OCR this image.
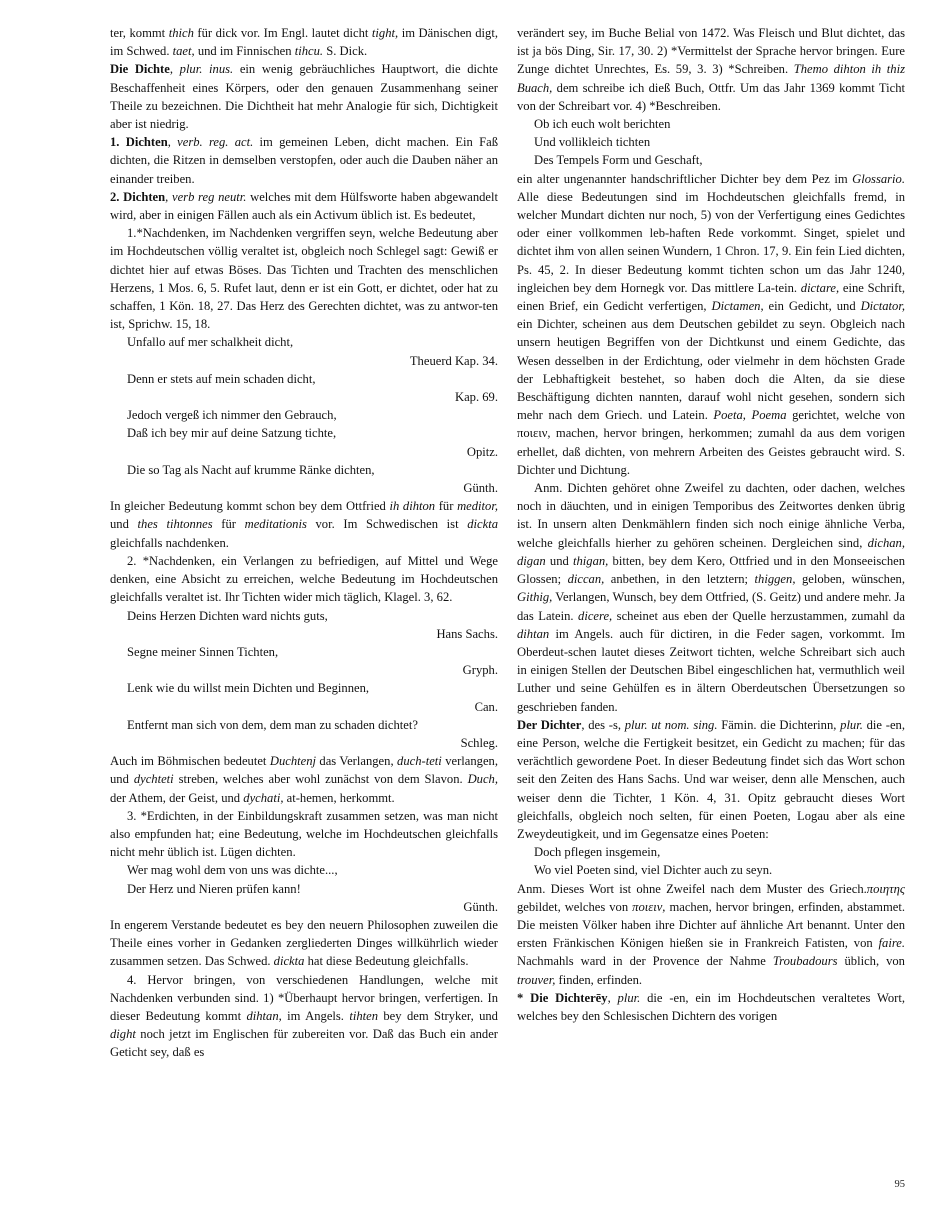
ter, kommt thich für dick vor. Im Engl. lautet dicht tight, im Dänischen digt, im Schwed. taet, und im Finnischen tihcu. S. Dick.

Die Dichte, plur. inus. ein wenig gebräuchliches Hauptwort, die dichte Beschaffenheit eines Körpers, oder den genauen Zusammenhang seiner Theile zu bezeichnen. Die Dichtheit hat mehr Analogie für sich, Dichtigkeit aber ist niedrig.

1. Dichten, verb. reg. act. im gemeinen Leben, dicht machen. Ein Faß dichten, die Ritzen in demselben verstopfen, oder auch die Dauben näher an einander treiben.

2. Dichten, verb reg neutr. welches mit dem Hülfsworte haben abgewandelt wird, aber in einigen Fällen auch als ein Activum üblich ist. Es bedeutet,

1.*Nachdenken, im Nachdenken vergriffen seyn, welche Bedeutung aber im Hochdeutschen völlig veraltet ist, obgleich noch Schlegel sagt: Gewiß er dichtet hier auf etwas Böses. Das Tichten und Trachten des menschlichen Herzens, 1 Mos. 6, 5. Rufet laut, denn er ist ein Gott, er dichtet, oder hat zu schaffen, 1 Kön. 18, 27. Das Herz des Gerechten dichtet, was zu antwor-ten ist, Sprichw. 15, 18.

Unfallo auf mer schalkheit dicht,

Theuerd Kap. 34.

Denn er stets auf mein schaden dicht,

Kap. 69.

Jedoch vergeß ich nimmer den Gebrauch,

Daß ich bey mir auf deine Satzung tichte,

Opitz.

Die so Tag als Nacht auf krumme Ränke dichten,

Günth.

In gleicher Bedeutung kommt schon bey dem Ottfried ih dihton für meditor, und thes tihtonnes für meditationis vor. Im Schwedischen ist dickta gleichfalls nachdenken.

2. *Nachdenken, ein Verlangen zu befriedigen, auf Mittel und Wege denken, eine Absicht zu erreichen, welche Bedeutung im Hochdeutschen gleichfalls veraltet ist. Ihr Tichten wider mich täglich, Klagel. 3, 62.

Deins Herzen Dichten ward nichts guts,

Hans Sachs.

Segne meiner Sinnen Tichten,

Gryph.

Lenk wie du willst mein Dichten und Beginnen,

Can.

Entfernt man sich von dem, dem man zu schaden dichtet?

Schleg.

Auch im Böhmischen bedeutet Duchtenj das Verlangen, duch-teti verlangen, und dychteti streben, welches aber wohl zunächst von dem Slavon. Duch, der Athem, der Geist, und dychati, at-hemen, herkommt.

3. *Erdichten, in der Einbildungskraft zusammen setzen, was man nicht also empfunden hat; eine Bedeutung, welche im Hochdeutschen gleichfalls nicht mehr üblich ist. Lügen dichten.

Wer mag wohl dem von uns was dichte...,

Der Herz und Nieren prüfen kann!

Günth.

In engerem Verstande bedeutet es bey den neuern Philosophen zuweilen die Theile eines vorher in Gedanken zergliederten Dinges willkührlich wieder zusammen setzen. Das Schwed. dickta hat diese Bedeutung gleichfalls.

4. Hervor bringen, von verschiedenen Handlungen, welche mit Nachdenken verbunden sind. 1) *Überhaupt hervor bringen, verfertigen. In dieser Bedeutung kommt dihtan, im Angels. tihten bey dem Stryker, und dight noch jetzt im Englischen für zubereiten vor. Daß das Buch ein ander Geticht sey, daß es

verändert sey, im Buche Belial von 1472. Was Fleisch und Blut dichtet, das ist ja bös Ding, Sir. 17, 30. 2) *Vermittelst der Sprache hervor bringen. Eure Zunge dichtet Unrechtes, Es. 59, 3. 3) *Schreiben. Themo dihton ih thiz Buach, dem schreibe ich dieß Buch, Ottfr. Um das Jahr 1369 kommt Ticht von der Schreibart vor. 4) *Beschreiben.

Ob ich euch wolt berichten

Und vollikleich tichten

Des Tempels Form und Geschaft,

ein alter ungenannter handschriftlicher Dichter bey dem Pez im Glossario. Alle diese Bedeutungen sind im Hochdeutschen gleichfalls fremd, in welcher Mundart dichten nur noch, 5) von der Verfertigung eines Gedichtes oder einer vollkommen leb-haften Rede vorkommt. Singet, spielet und dichtet ihm von allen seinen Wundern, 1 Chron. 17, 9. Ein fein Lied dichten, Ps. 45, 2. In dieser Bedeutung kommt tichten schon um das Jahr 1240, ingleichen bey dem Hornegk vor. Das mittlere La-tein. dictare, eine Schrift, einen Brief, ein Gedicht verfertigen, Dictamen, ein Gedicht, und Dictator, ein Dichter, scheinen aus dem Deutschen gebildet zu seyn. Obgleich nach unsern heutigen Begriffen von der Dichtkunst und einem Gedichte, das Wesen desselben in der Erdichtung, oder vielmehr in dem höchsten Grade der Lebhaftigkeit bestehet, so haben doch die Alten, da sie diese Beschäftigung dichten nannten, darauf wohl nicht gesehen, sondern sich mehr nach dem Griech. und Latein. Poeta, Poema gerichtet, welche von ποιειν, machen, hervor bringen, herkommen; zumahl da aus dem vorigen erhellet, daß dichten, von mehrern Arbeiten des Geistes gebraucht wird. S. Dichter und Dichtung.

Anm. Dichten gehöret ohne Zweifel zu dachten, oder dachen, welches noch in däuchten, und in einigen Temporibus des Zeitwortes denken übrig ist. In unsern alten Denkmählern finden sich noch einige ähnliche Verba, welche gleichfalls hierher zu gehören scheinen. Dergleichen sind, dichan, digan und thigan, bitten, bey dem Kero, Ottfried und in den Monseeischen Glossen; diccan, anbethen, in den letztern; thiggen, geloben, wünschen, Githig, Verlangen, Wunsch, bey dem Ottfried, (S. Geitz) und andere mehr. Ja das Latein. dicere, scheinet aus eben der Quelle herzustammen, zumahl da dihtan im Angels. auch für dictiren, in die Feder sagen, vorkommt. Im Oberdeut-schen lautet dieses Zeitwort tichten, welche Schreibart sich auch in einigen Stellen der Deutschen Bibel eingeschlichen hat, vermuthlich weil Luther und seine Gehülfen es in ältern Oberdeutschen Übersetzungen so geschrieben fanden.

Der Dichter, des -s, plur. ut nom. sing. Fämin. die Dichterinn, plur. die -en, eine Person, welche die Fertigkeit besitzet, ein Gedicht zu machen; für das verächtlich gewordene Poet. In dieser Bedeutung findet sich das Wort schon seit den Zeiten des Hans Sachs. Und war weiser, denn alle Menschen, auch weiser denn die Tichter, 1 Kön. 4, 31. Opitz gebraucht dieses Wort gleichfalls, obgleich noch selten, für einen Poeten, Logau aber als eine Zweydeutigkeit, und im Gegensatze eines Poeten:

Doch pflegen insgemein,

Wo viel Poeten sind, viel Dichter auch zu seyn.

Anm. Dieses Wort ist ohne Zweifel nach dem Muster des Griech.ποιητης gebildet, welches von ποιειν, machen, hervor bringen, erfinden, abstammet. Die meisten Völker haben ihre Dichter auf ähnliche Art benannt. Unter den ersten Fränkischen Königen hießen sie in Frankreich Fatisten, von faire. Nachmahls ward in der Provence der Nahme Troubadours üblich, von trouver, finden, erfinden.

* Die Dichterēy, plur. die -en, ein im Hochdeutschen veraltetes Wort, welches bey den Schlesischen Dichtern des vorigen

95
